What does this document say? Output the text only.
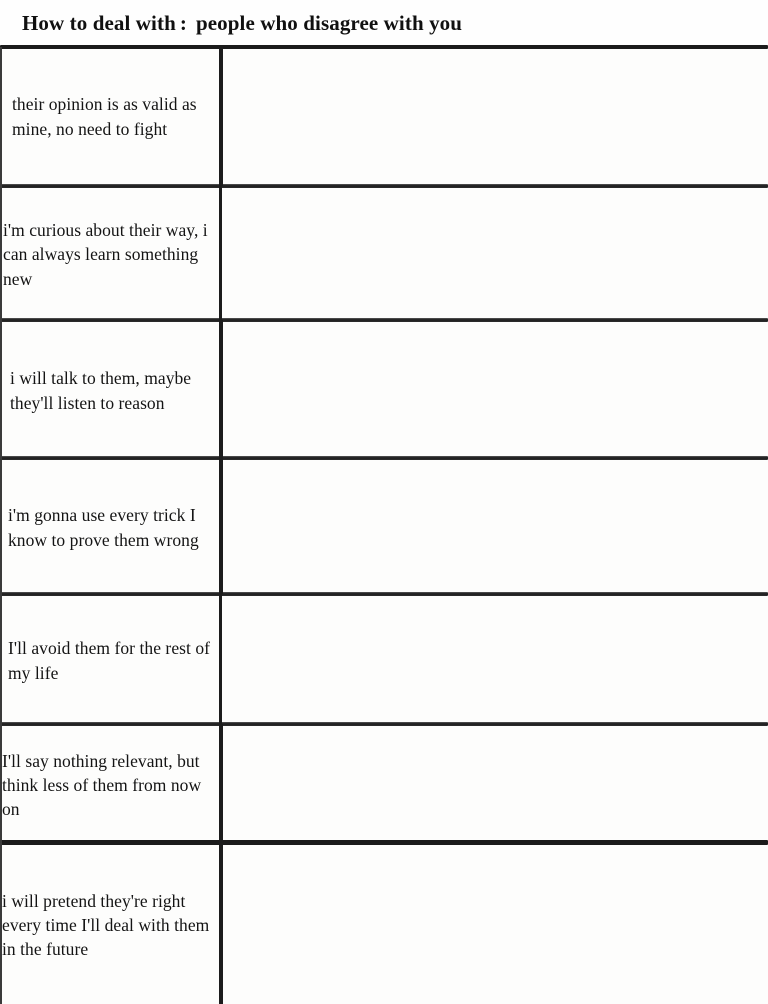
How to deal with : people who disagree with you

their opinion is as valid as mine, no need to fight

i'm curious about their way, i can always learn something new

i will talk to them, maybe they'll listen to reason

i'm gonna use every trick I know to prove them wrong

I'll avoid them for the rest of my life

I'll say nothing relevant, but think less of them from now on

i will pretend they're right every time I'll deal with them in the future
